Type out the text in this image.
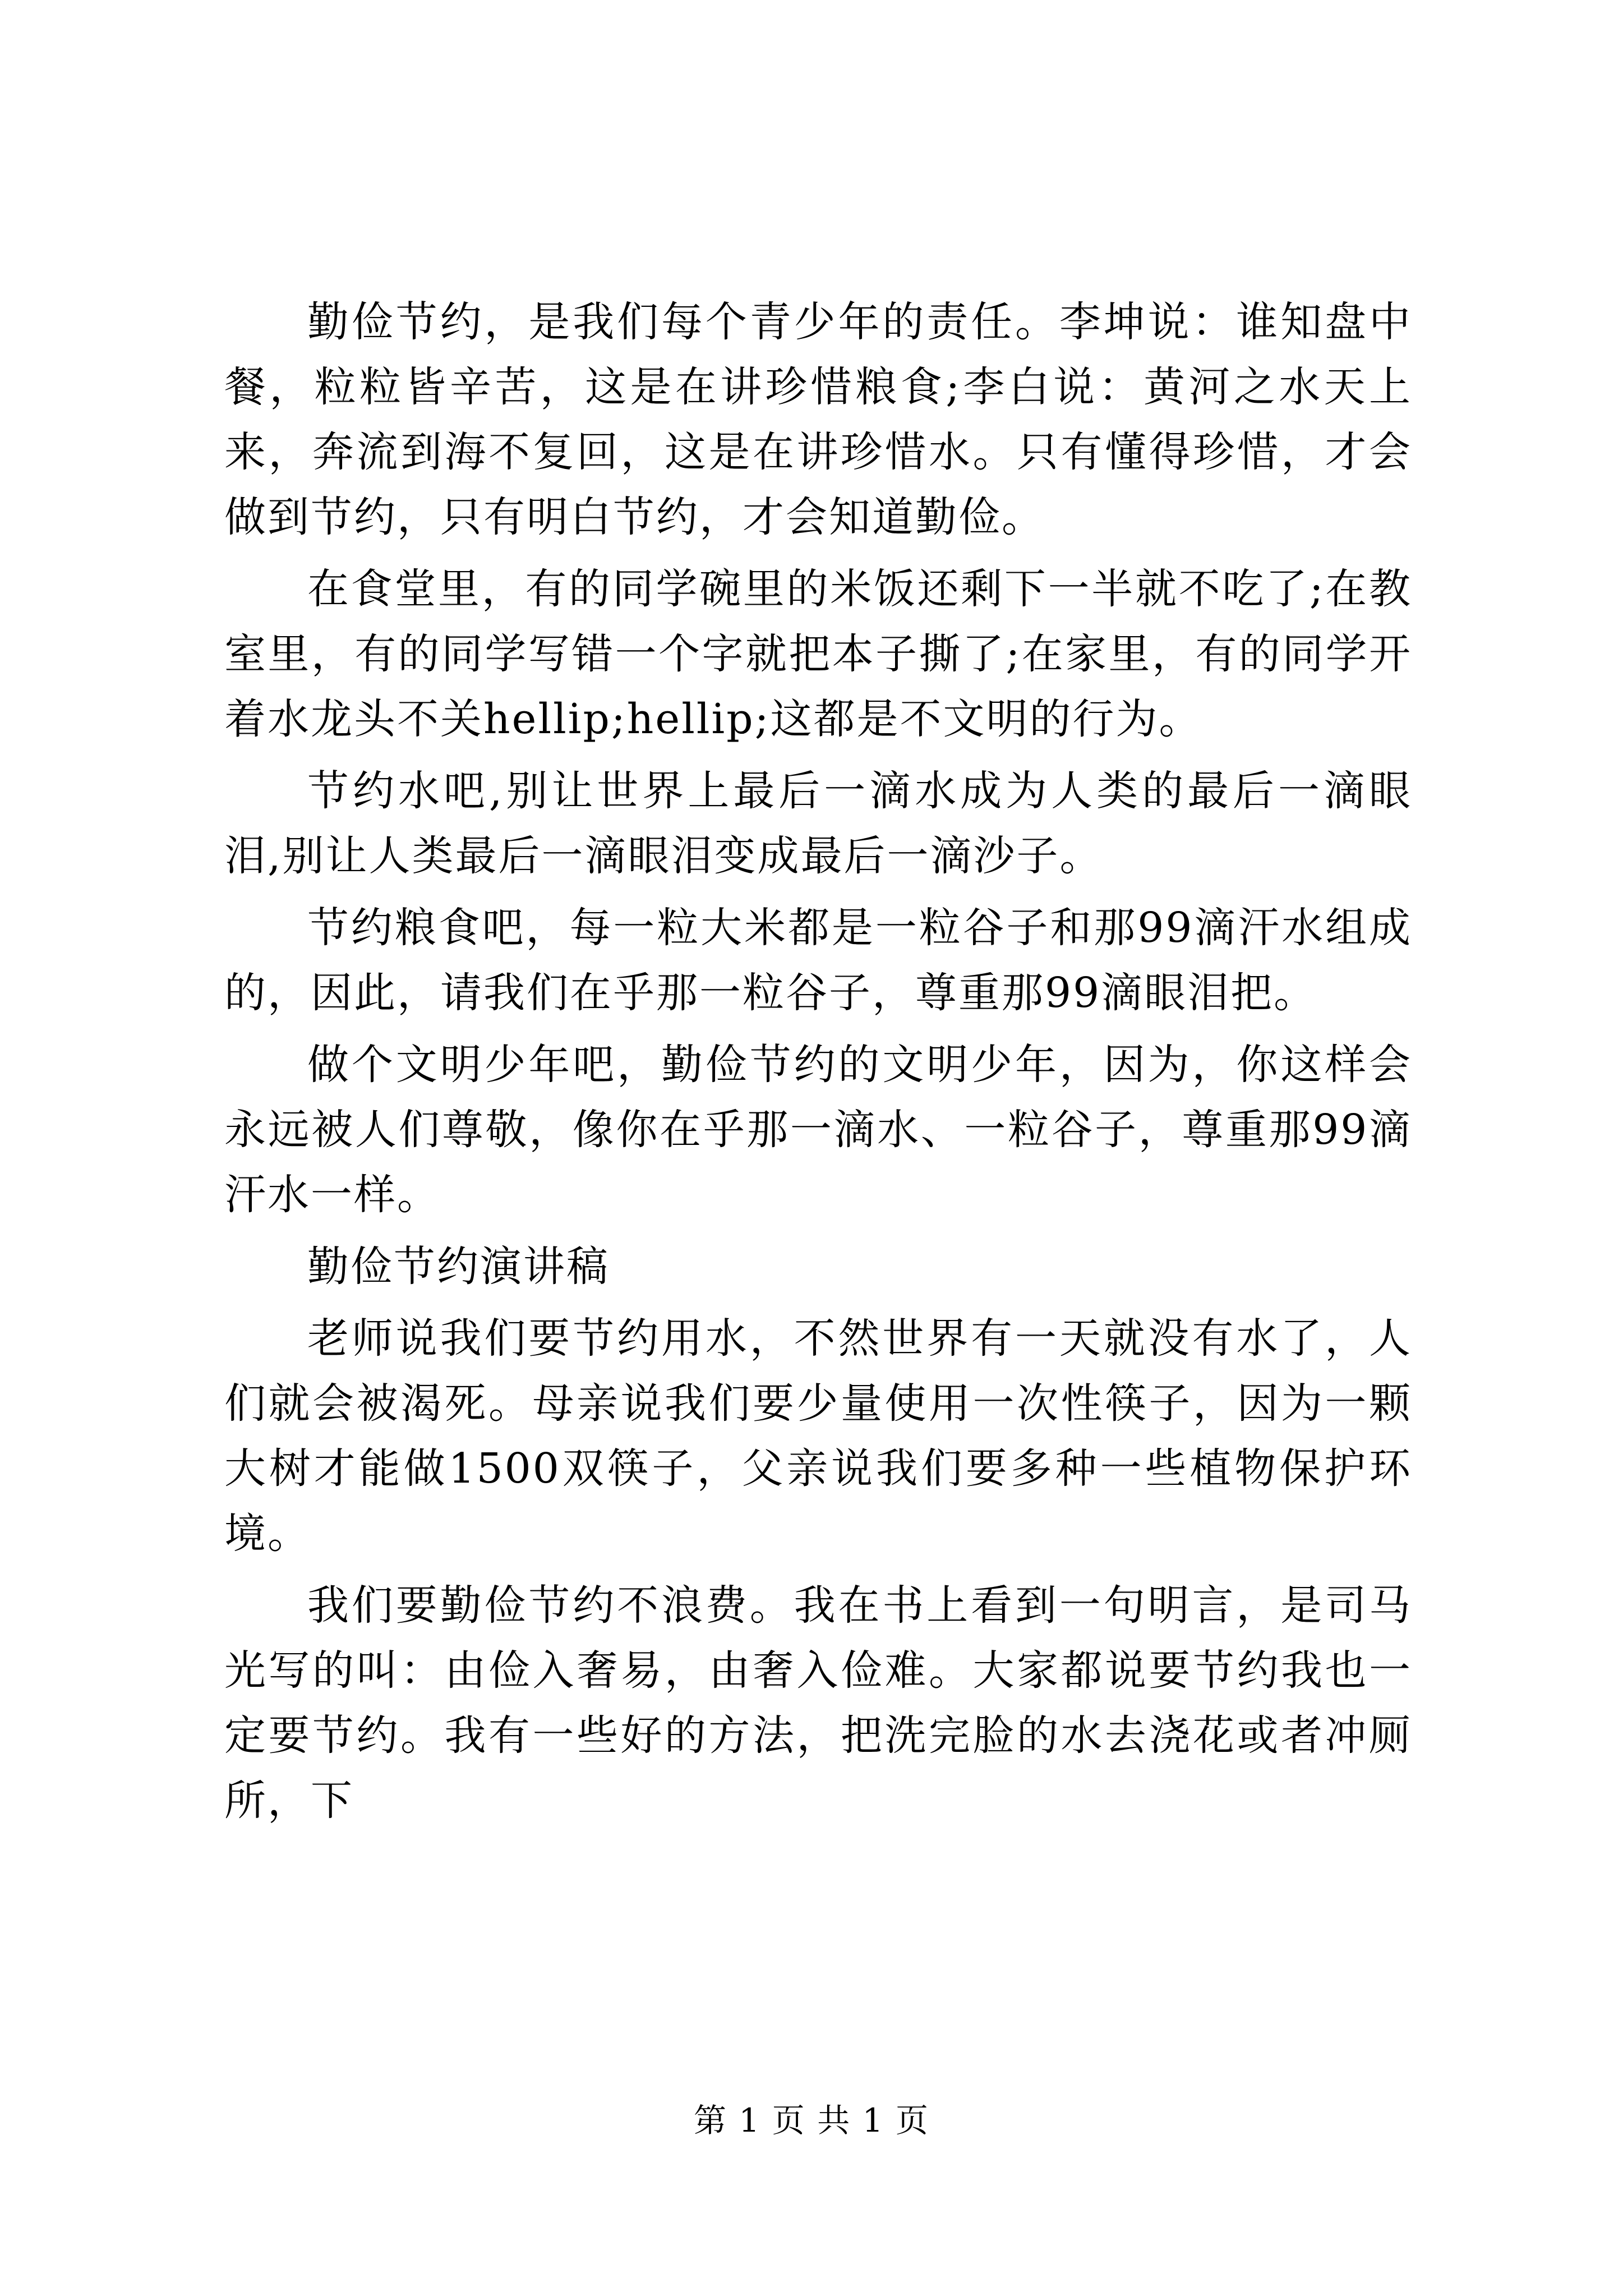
勤俭节约，是我们每个青少年的责任。李坤说：谁知盘中餐，粒粒皆辛苦，这是在讲珍惜粮食;李白说：黄河之水天上来，奔流到海不复回，这是在讲珍惜水。只有懂得珍惜，才会做到节约，只有明白节约，才会知道勤俭。

在食堂里，有的同学碗里的米饭还剩下一半就不吃了;在教室里，有的同学写错一个字就把本子撕了;在家里，有的同学开着水龙头不关hellip;hellip;这都是不文明的行为。

节约水吧,别让世界上最后一滴水成为人类的最后一滴眼泪,别让人类最后一滴眼泪变成最后一滴沙子。

节约粮食吧，每一粒大米都是一粒谷子和那99滴汗水组成的，因此，请我们在乎那一粒谷子，尊重那99滴眼泪把。

做个文明少年吧，勤俭节约的文明少年，因为，你这样会永远被人们尊敬，像你在乎那一滴水、一粒谷子，尊重那99滴汗水一样。

勤俭节约演讲稿

老师说我们要节约用水，不然世界有一天就没有水了，人们就会被渴死。母亲说我们要少量使用一次性筷子，因为一颗大树才能做1500双筷子，父亲说我们要多种一些植物保护环境。

我们要勤俭节约不浪费。我在书上看到一句明言，是司马光写的叫：由俭入奢易，由奢入俭难。大家都说要节约我也一定要节约。我有一些好的方法，把洗完脸的水去浇花或者冲厕所，下

第 1 页 共 1 页
